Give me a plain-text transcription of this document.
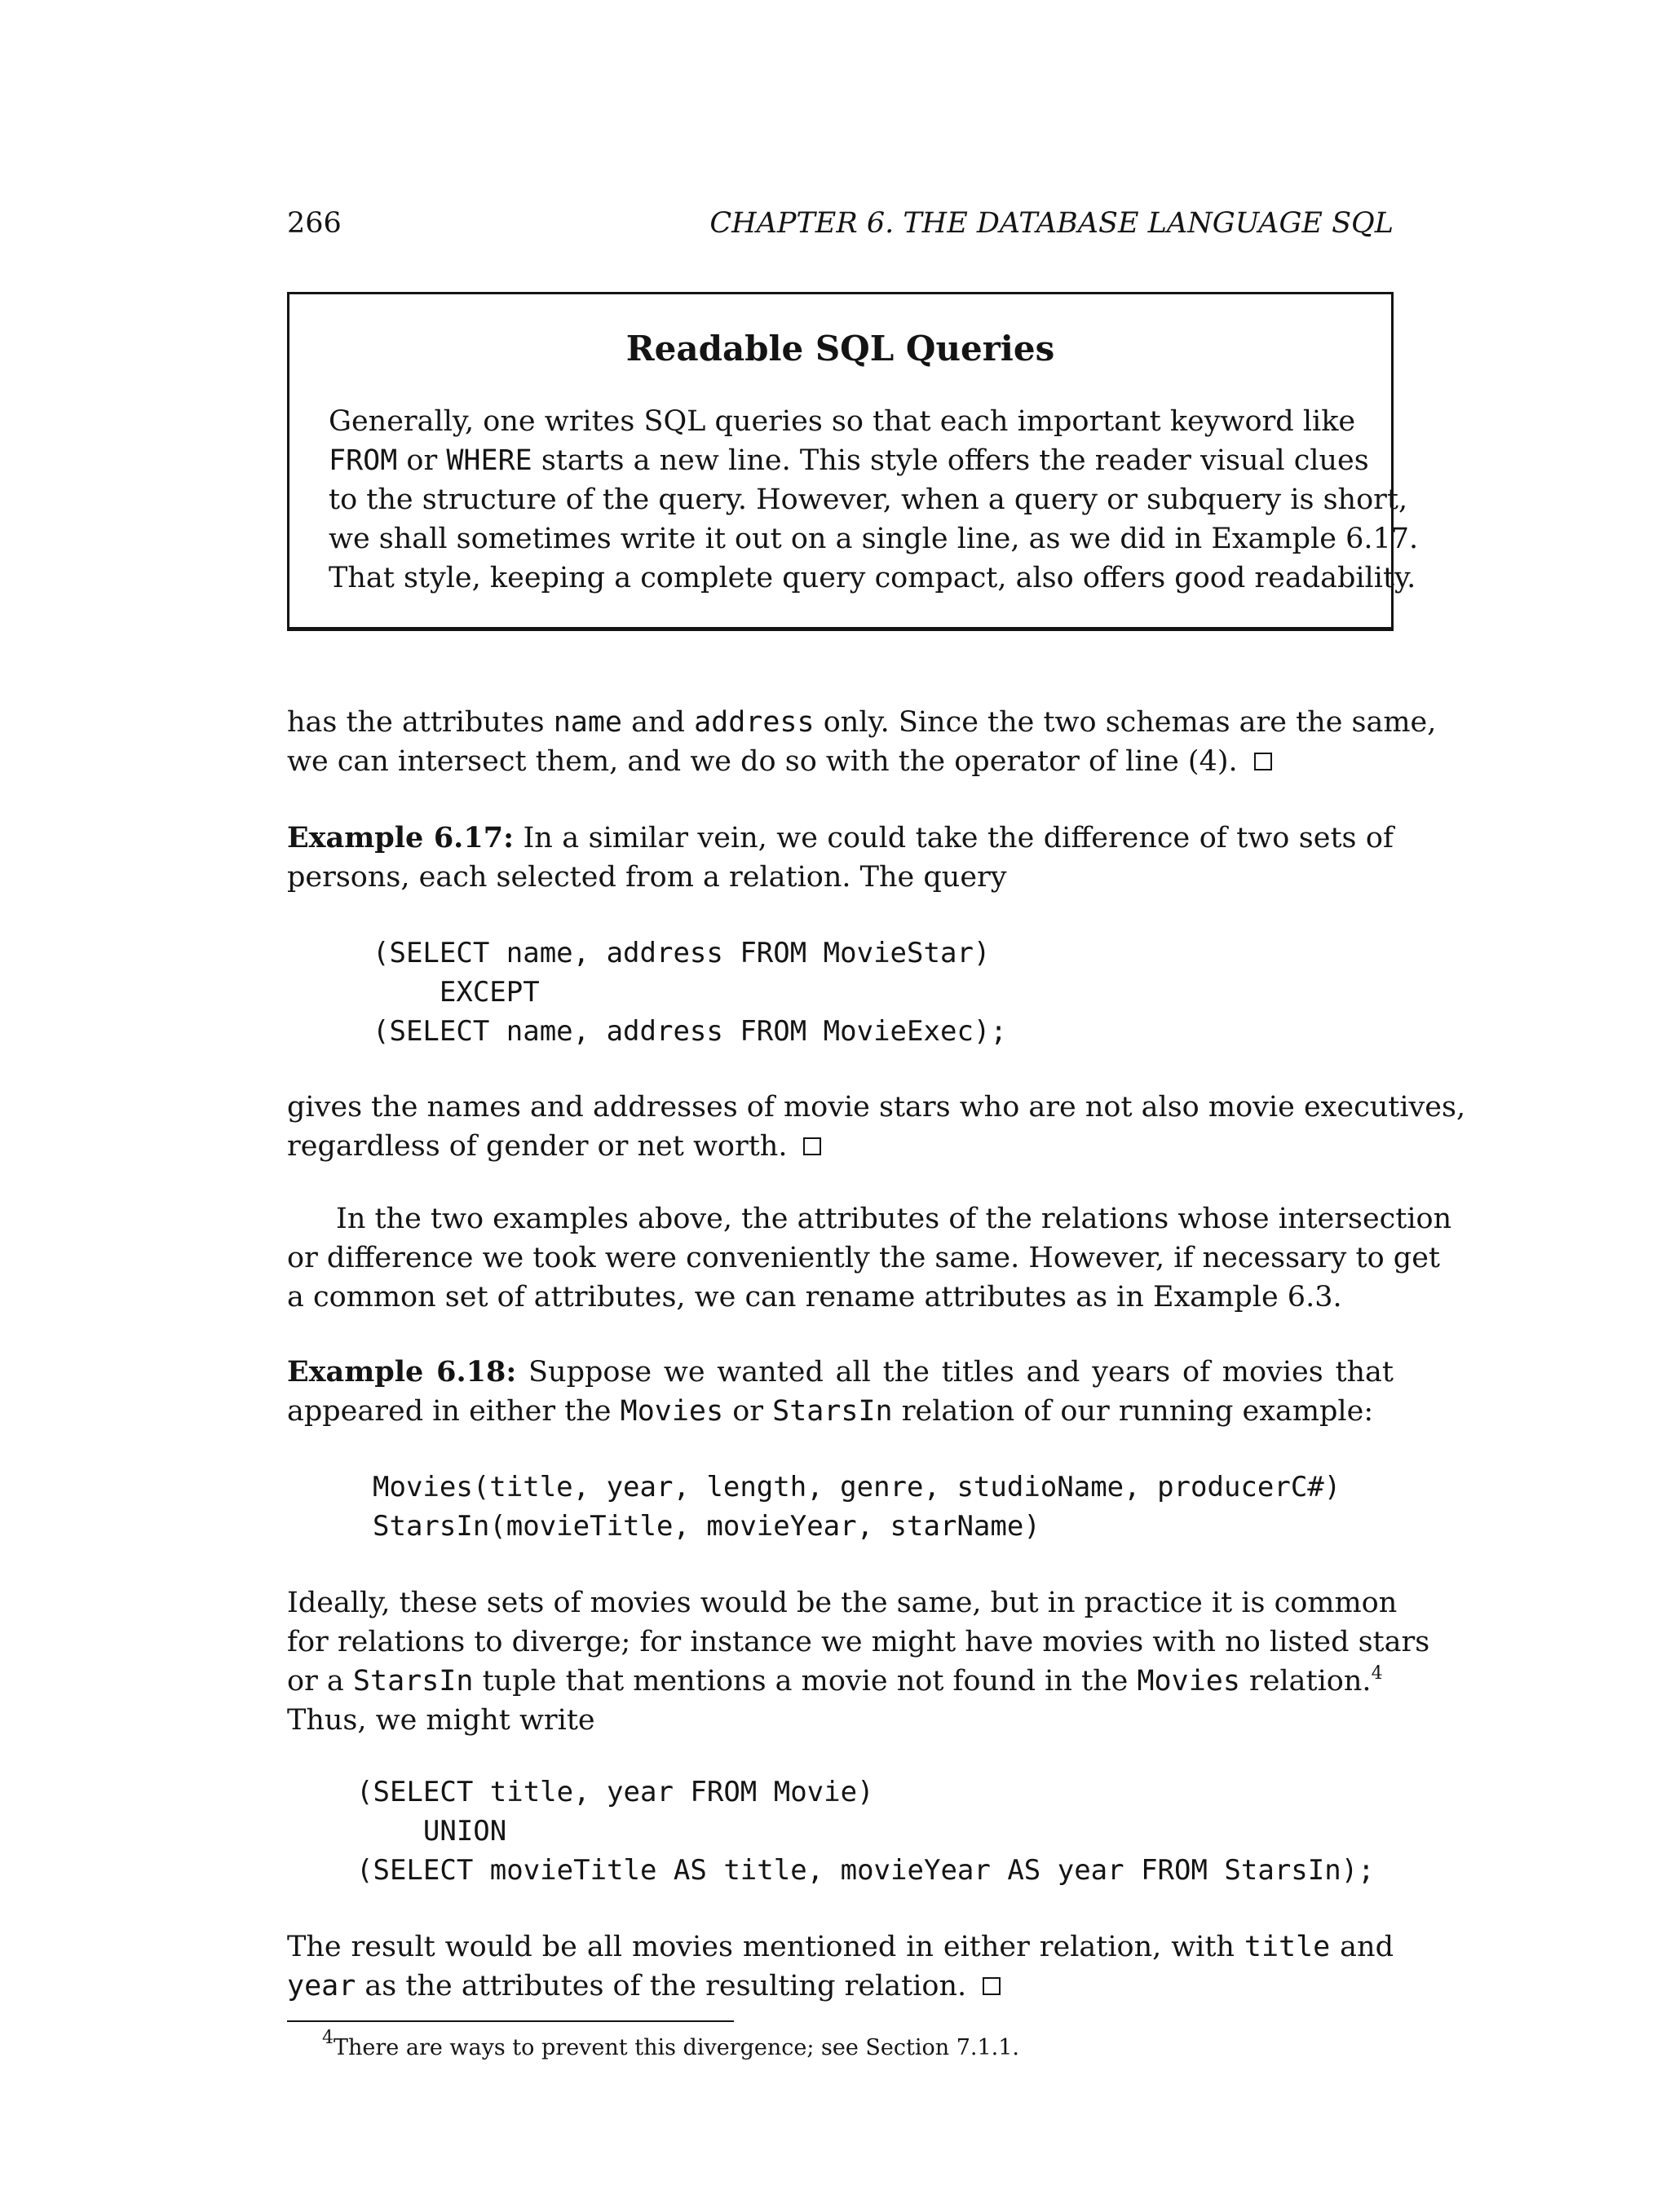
266	CHAPTER 6. THE DATABASE LANGUAGE SQL
Readable SQL Queries
Generally, one writes SQL queries so that each important keyword like
FROM or WHERE starts a new line. This style offers the reader visual clues
to the structure of the query. However, when a query or subquery is short,
we shall sometimes write it out on a single line, as we did in Example 6.17.
That style, keeping a complete query compact, also offers good readability.
has the attributes name and address only. Since the two schemas are the same,
we can intersect them, and we do so with the operator of line (4).
Example 6.17: In a similar vein, we could take the difference of two sets of
persons, each selected from a relation. The query
(SELECT name, address FROM MovieStar)
EXCEPT
(SELECT name, address FROM MovieExec);
gives the names and addresses of movie stars who are not also movie executives,
regardless of gender or net worth.
In the two examples above, the attributes of the relations whose intersection
or difference we took were conveniently the same. However, if necessary to get
a common set of attributes, we can rename attributes as in Example 6.3.
Example 6.18: Suppose we wanted all the titles and years of movies that
appeared in either the Movies or StarsIn relation of our running example:
Movies(title, year, length, genre, studioName, producerC#)
StarsIn(movieTitle, movieYear, starName)
Ideally, these sets of movies would be the same, but in practice it is common
for relations to diverge; for instance we might have movies with no listed stars
or a StarsIn tuple that mentions a movie not found in the Movies relation.$^4$
Thus, we might write
(SELECT title, year FROM Movie)
UNION
(SELECT movieTitle AS title, movieYear AS year FROM StarsIn);
The result would be all movies mentioned in either relation, with title and
year as the attributes of the resulting relation.
$^4$There are ways to prevent this divergence; see Section 7.1.1.
